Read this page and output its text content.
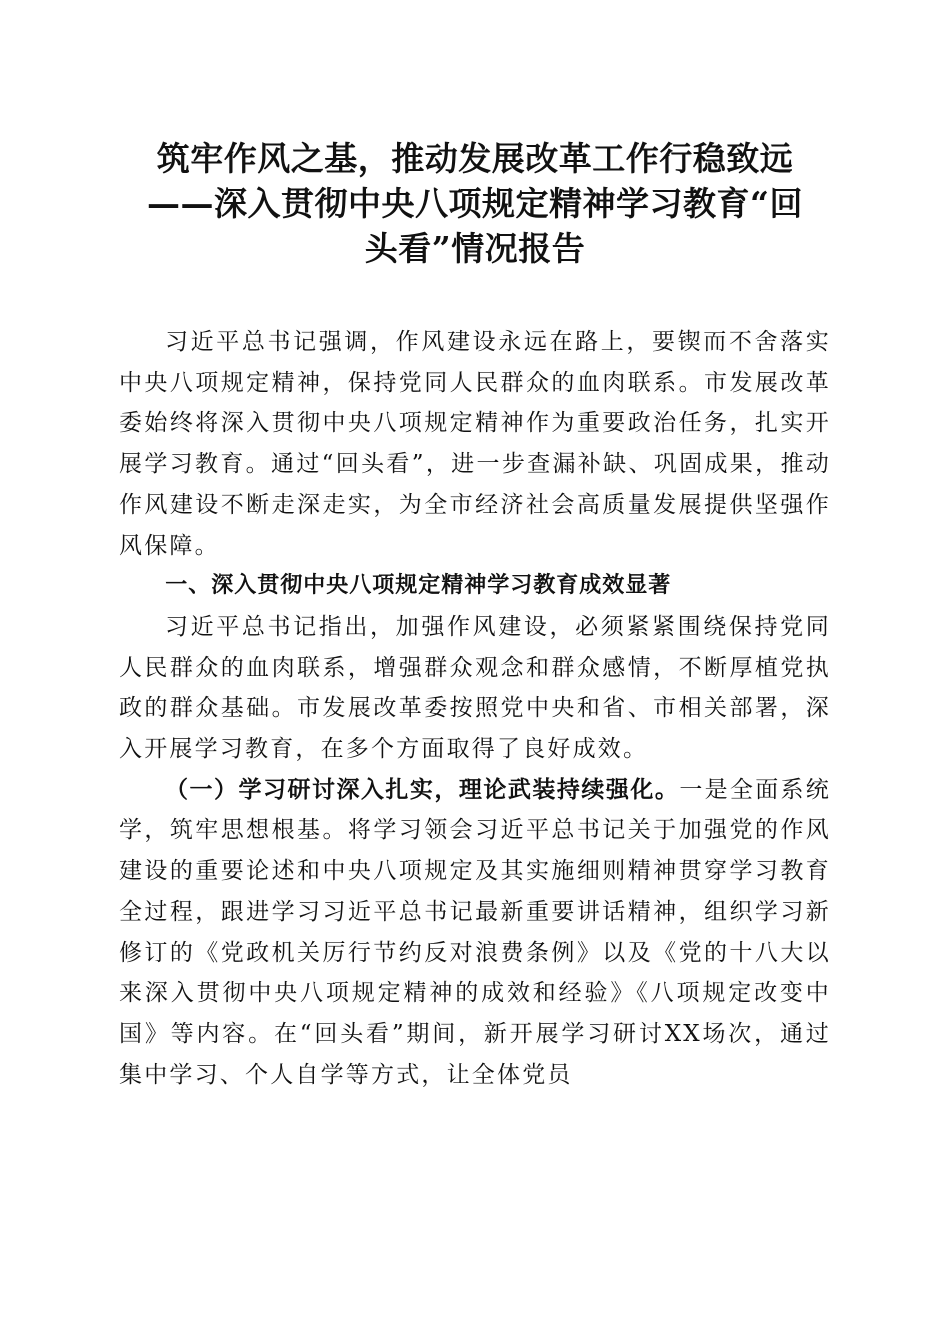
筑牢作风之基，推动发展改革工作行稳致远
——深入贯彻中央八项规定精神学习教育“回
头看”情况报告

习近平总书记强调，作风建设永远在路上，要锲而不舍落实中央八项规定精神，保持党同人民群众的血肉联系。市发展改革委始终将深入贯彻中央八项规定精神作为重要政治任务，扎实开展学习教育。通过“回头看”，进一步查漏补缺、巩固成果，推动作风建设不断走深走实，为全市经济社会高质量发展提供坚强作风保障。

一、深入贯彻中央八项规定精神学习教育成效显著

习近平总书记指出，加强作风建设，必须紧紧围绕保持党同人民群众的血肉联系，增强群众观念和群众感情，不断厚植党执政的群众基础。市发展改革委按照党中央和省、市相关部署，深入开展学习教育，在多个方面取得了良好成效。

（一）学习研讨深入扎实，理论武装持续强化。一是全面系统学，筑牢思想根基。将学习领会习近平总书记关于加强党的作风建设的重要论述和中央八项规定及其实施细则精神贯穿学习教育全过程，跟进学习习近平总书记最新重要讲话精神，组织学习新修订的《党政机关厉行节约反对浪费条例》以及《党的十八大以来深入贯彻中央八项规定精神的成效和经验》《八项规定改变中国》等内容。在“回头看”期间，新开展学习研讨XX场次，通过集中学习、个人自学等方式，让全体党员
